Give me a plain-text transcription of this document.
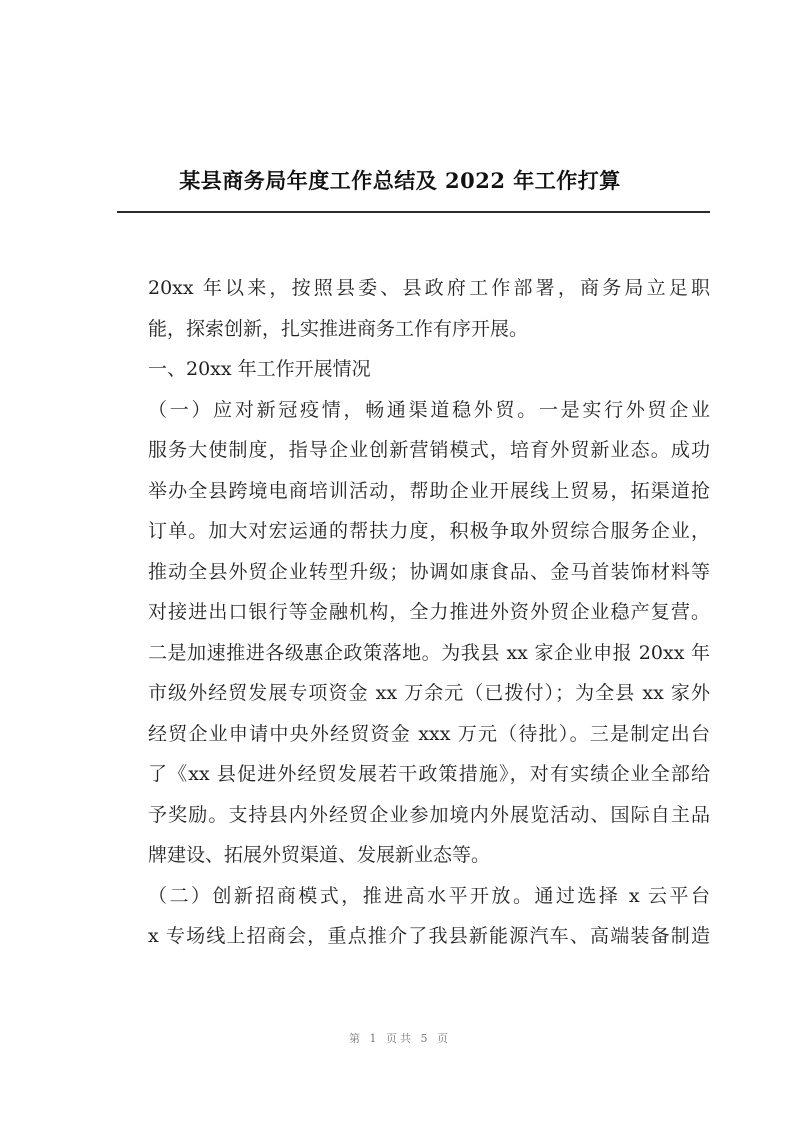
某县商务局年度工作总结及 2022 年工作打算

20xx 年以来，按照县委、县政府工作部署，商务局立足职
能，探索创新，扎实推进商务工作有序开展。

一、20xx 年工作开展情况

（一）应对新冠疫情，畅通渠道稳外贸。一是实行外贸企业
服务大使制度，指导企业创新营销模式，培育外贸新业态。成功
举办全县跨境电商培训活动，帮助企业开展线上贸易，拓渠道抢
订单。加大对宏运通的帮扶力度，积极争取外贸综合服务企业，
推动全县外贸企业转型升级；协调如康食品、金马首装饰材料等
对接进出口银行等金融机构，全力推进外资外贸企业稳产复营。
二是加速推进各级惠企政策落地。为我县 xx 家企业申报 20xx 年
市级外经贸发展专项资金 xx 万余元（已拨付）；为全县 xx 家外
经贸企业申请中央外经贸资金 xxx 万元（待批）。三是制定出台
了《xx 县促进外经贸发展若干政策措施》，对有实绩企业全部给
予奖励。支持县内外经贸企业参加境内外展览活动、国际自主品
牌建设、拓展外贸渠道、发展新业态等。

（二）创新招商模式，推进高水平开放。通过选择 x 云平台
x 专场线上招商会，重点推介了我县新能源汽车、高端装备制造

第 1 页共 5 页
